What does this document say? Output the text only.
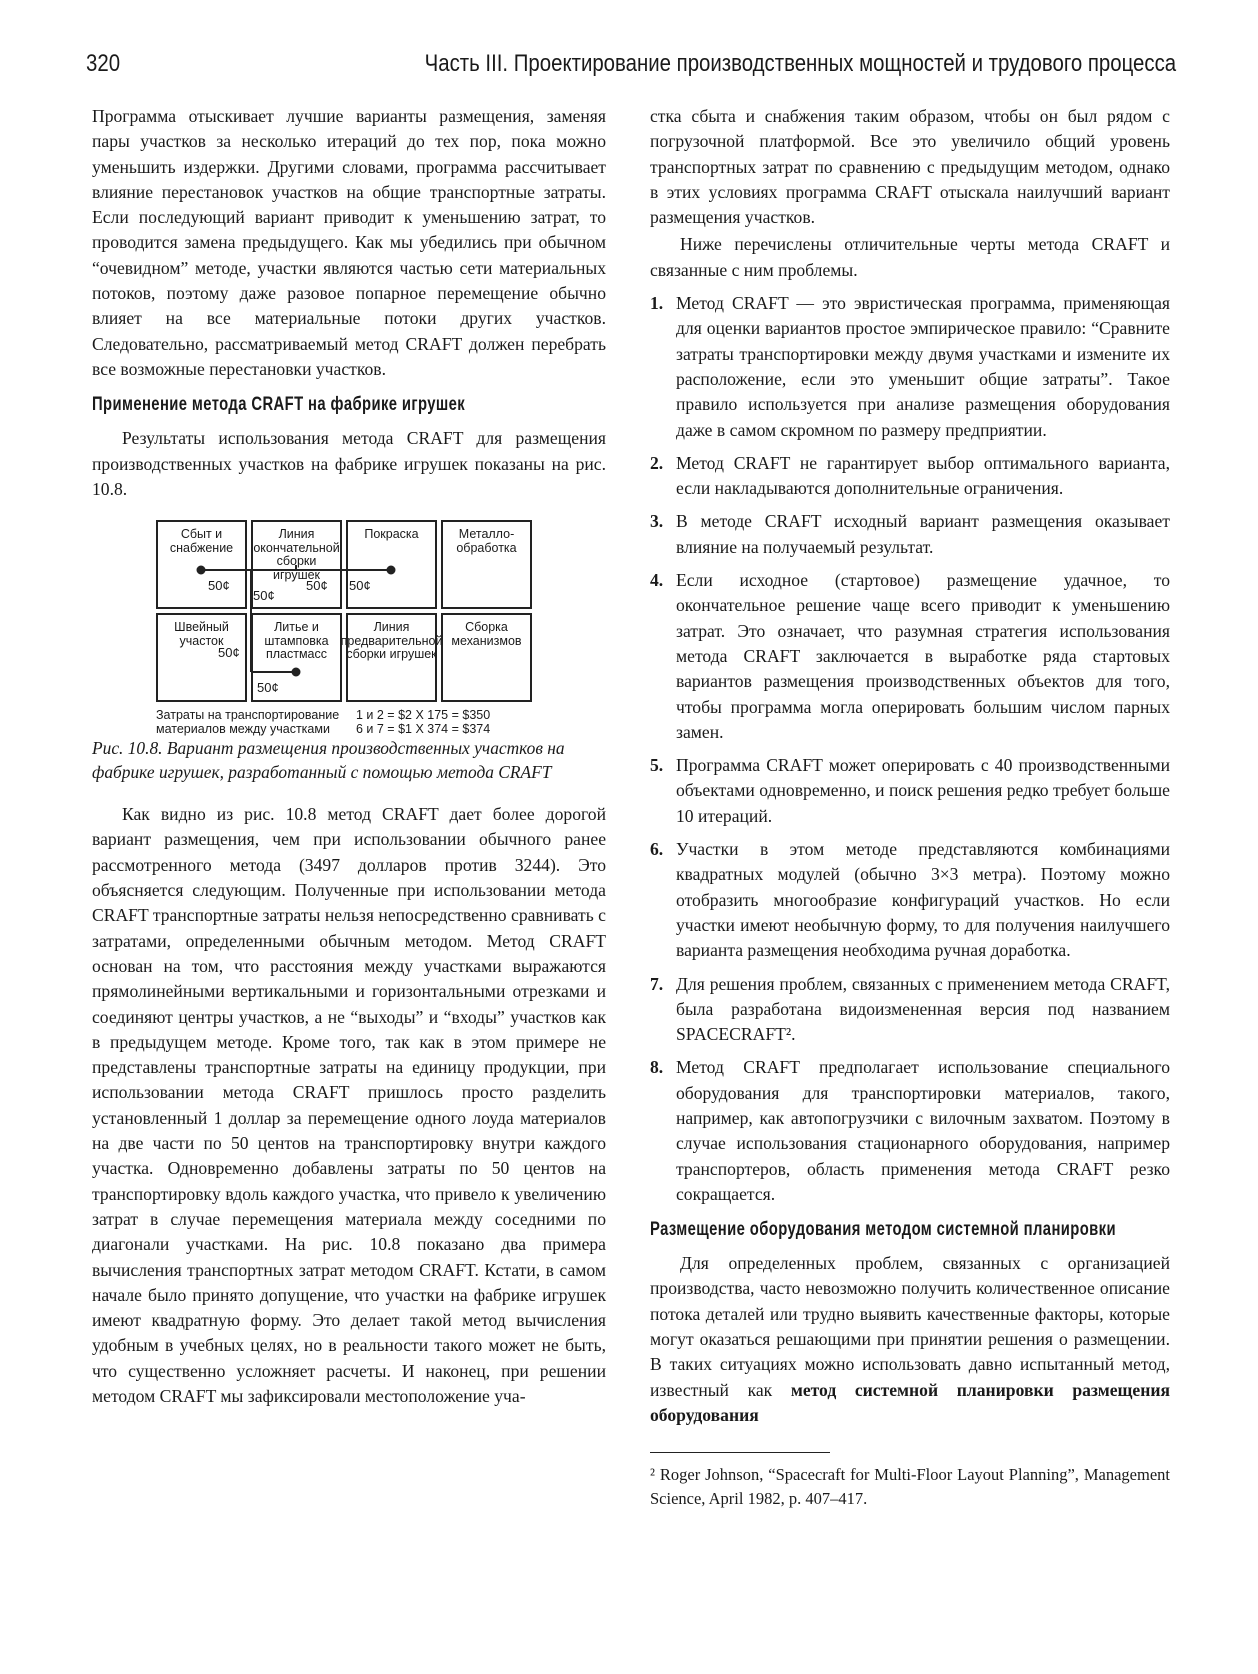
320	Часть III. Проектирование производственных мощностей и трудового процесса

Программа отыскивает лучшие варианты размещения, заменяя пары участков за несколько итераций до тех пор, пока можно уменьшить издержки. Другими словами, программа рассчитывает влияние перестановок участков на общие транспортные затраты. Если последующий вариант приводит к уменьшению затрат, то проводится замена предыдущего. Как мы убедились при обычном “очевидном” методе, участки являются частью сети материальных потоков, поэтому даже разовое попарное перемещение обычно влияет на все материальные потоки других участков. Следовательно, рассматриваемый метод CRAFT должен перебрать все возможные перестановки участков.

Применение метода CRAFT на фабрике игрушек

Результаты использования метода CRAFT для размещения производственных участков на фабрике игрушек показаны на рис. 10.8.

Сбыт и снабжение
Линия окончательной сборки игрушек
Покраска	Металло-обработка
Швейный участок
Литье и штамповка пластмасс
Линия предварительной сборки игрушек
Сборка механизмов
50¢
50¢
50¢ 50¢
50¢
50¢
Затраты на транспортирование
материалов между участками
1 и 2 = $2 X 175 = $350
6 и 7 = $1 X 374 = $374

Рис. 10.8. Вариант размещения производственных участков на фабрике игрушек, разработанный с помощью метода CRAFT

Как видно из рис. 10.8 метод CRAFT дает более дорогой вариант размещения, чем при использовании обычного ранее рассмотренного метода (3497 долларов против 3244). Это объясняется следующим. Полученные при использовании метода CRAFT транспортные затраты нельзя непосредственно сравнивать с затратами, определенными обычным методом. Метод CRAFT основан на том, что расстояния между участками выражаются прямолинейными вертикальными и горизонтальными отрезками и соединяют центры участков, а не “выходы” и “входы” участков как в предыдущем методе. Кроме того, так как в этом примере не представлены транспортные затраты на единицу продукции, при использовании метода CRAFT пришлось просто разделить установленный 1 доллар за перемещение одного лоуда материалов на две части по 50 центов на транспортировку внутри каждого участка. Одновременно добавлены затраты по 50 центов на транспортировку вдоль каждого участка, что привело к увеличению затрат в случае перемещения материала между соседними по диагонали участками. На рис. 10.8 показано два примера вычисления транспортных затрат методом CRAFT. Кстати, в самом начале было принято допущение, что участки на фабрике игрушек имеют квадратную форму. Это делает такой метод вычисления удобным в учебных целях, но в реальности такого может не быть, что существенно усложняет расчеты. И наконец, при решении методом CRAFT мы зафиксировали местоположение уча-

стка сбыта и снабжения таким образом, чтобы он был рядом с погрузочной платформой. Все это увеличило общий уровень транспортных затрат по сравнению с предыдущим методом, однако в этих условиях программа CRAFT отыскала наилучший вариант размещения участков.

Ниже перечислены отличительные черты метода CRAFT и связанные с ним проблемы.

1. Метод CRAFT — это эвристическая программа, применяющая для оценки вариантов простое эмпирическое правило: “Сравните затраты транспортировки между двумя участками и измените их расположение, если это уменьшит общие затраты”. Такое правило используется при анализе размещения оборудования даже в самом скромном по размеру предприятии.
2. Метод CRAFT не гарантирует выбор оптимального варианта, если накладываются дополнительные ограничения.
3. В методе CRAFT исходный вариант размещения оказывает влияние на получаемый результат.
4. Если исходное (стартовое) размещение удачное, то окончательное решение чаще всего приводит к уменьшению затрат. Это означает, что разумная стратегия использования метода CRAFT заключается в выработке ряда стартовых вариантов размещения производственных объектов для того, чтобы программа могла оперировать большим числом парных замен.
5. Программа CRAFT может оперировать с 40 производственными объектами одновременно, и поиск решения редко требует больше 10 итераций.
6. Участки в этом методе представляются комбинациями квадратных модулей (обычно 3×3 метра). Поэтому можно отобразить многообразие конфигураций участков. Но если участки имеют необычную форму, то для получения наилучшего варианта размещения необходима ручная доработка.
7. Для решения проблем, связанных с применением метода CRAFT, была разработана видоизмененная версия под названием SPACECRAFT².
8. Метод CRAFT предполагает использование специального оборудования для транспортировки материалов, такого, например, как автопогрузчики с вилочным захватом. Поэтому в случае использования стационарного оборудования, например транспортеров, область применения метода CRAFT резко сокращается.
Размещение оборудования методом системной планировки

Для определенных проблем, связанных с организацией производства, часто невозможно получить количественное описание потока деталей или трудно выявить качественные факторы, которые могут оказаться решающими при принятии решения о размещении. В таких ситуациях можно использовать давно испытанный метод, известный как метод системной планировки размещения оборудования

² Roger Johnson, “Spacecraft for Multi-Floor Layout Planning”, Management Science, April 1982, p. 407–417.
